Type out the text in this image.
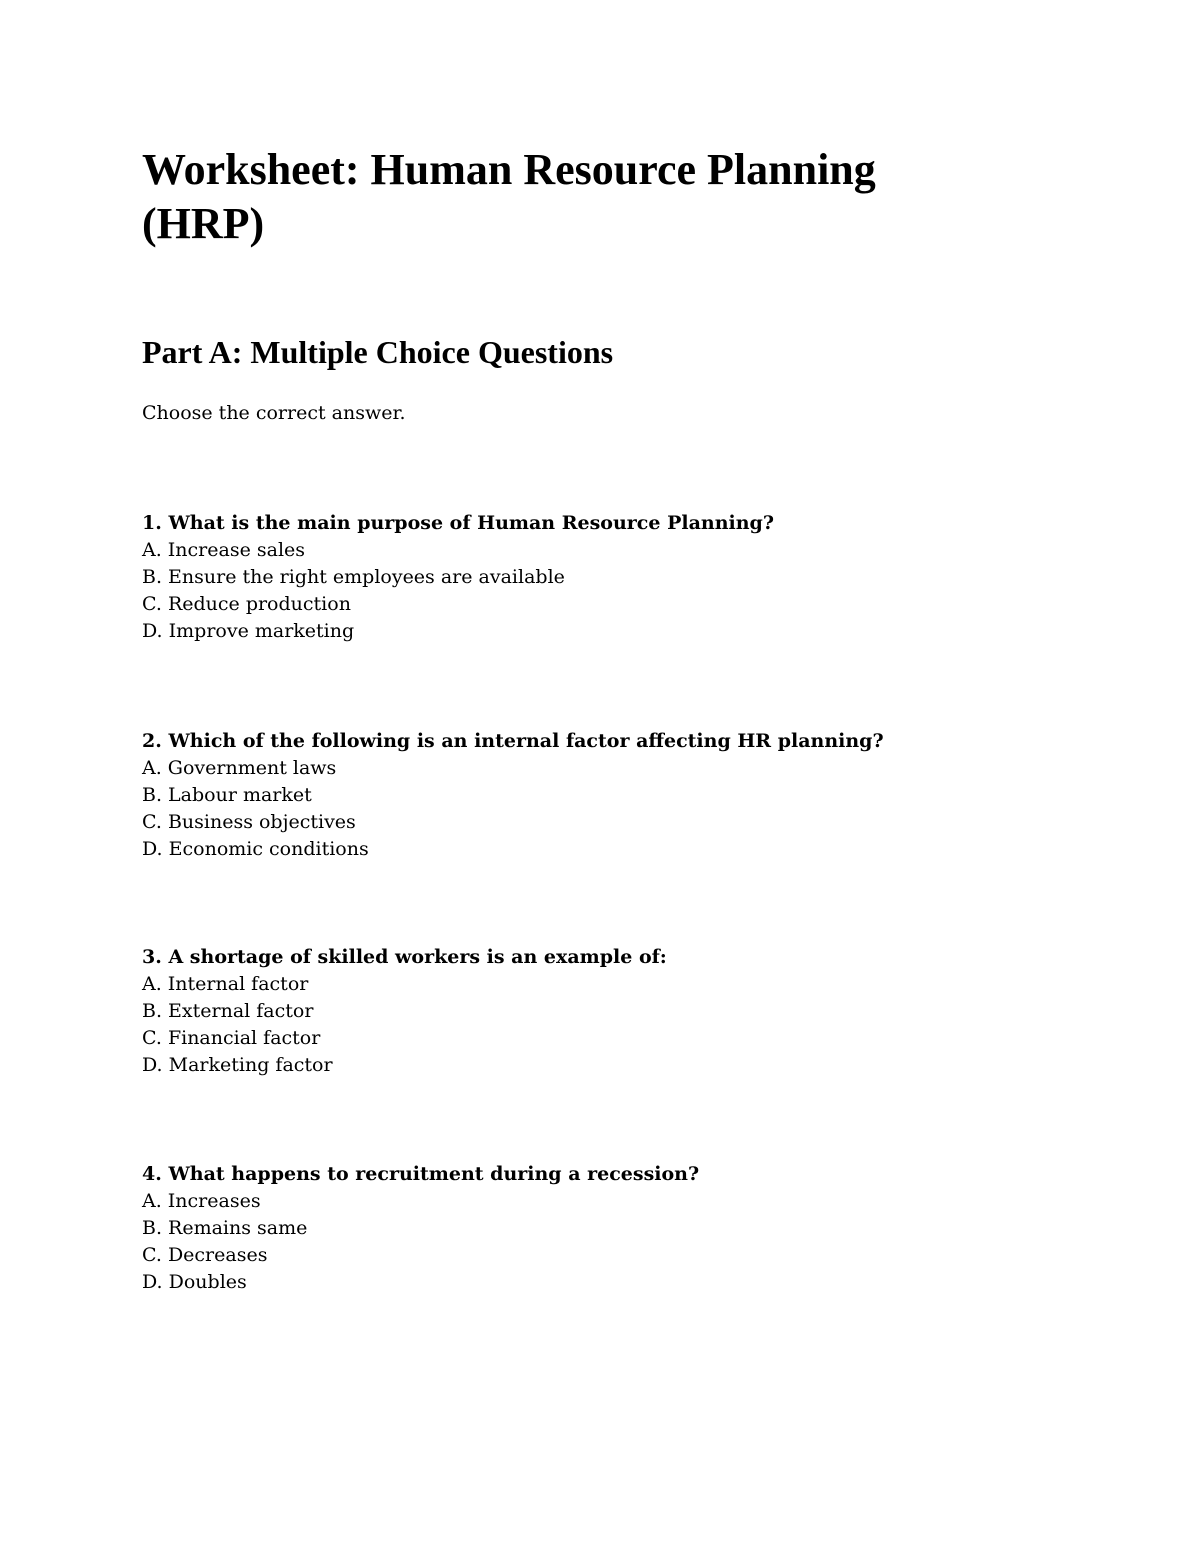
Worksheet: Human Resource Planning (HRP)
Part A: Multiple Choice Questions

Choose the correct answer.

1. What is the main purpose of Human Resource Planning?
A. Increase sales
B. Ensure the right employees are available
C. Reduce production
D. Improve marketing
2. Which of the following is an internal factor affecting HR planning?
A. Government laws
B. Labour market
C. Business objectives
D. Economic conditions
3. A shortage of skilled workers is an example of:
A. Internal factor
B. External factor
C. Financial factor
D. Marketing factor
4. What happens to recruitment during a recession?
A. Increases
B. Remains same
C. Decreases
D. Doubles
